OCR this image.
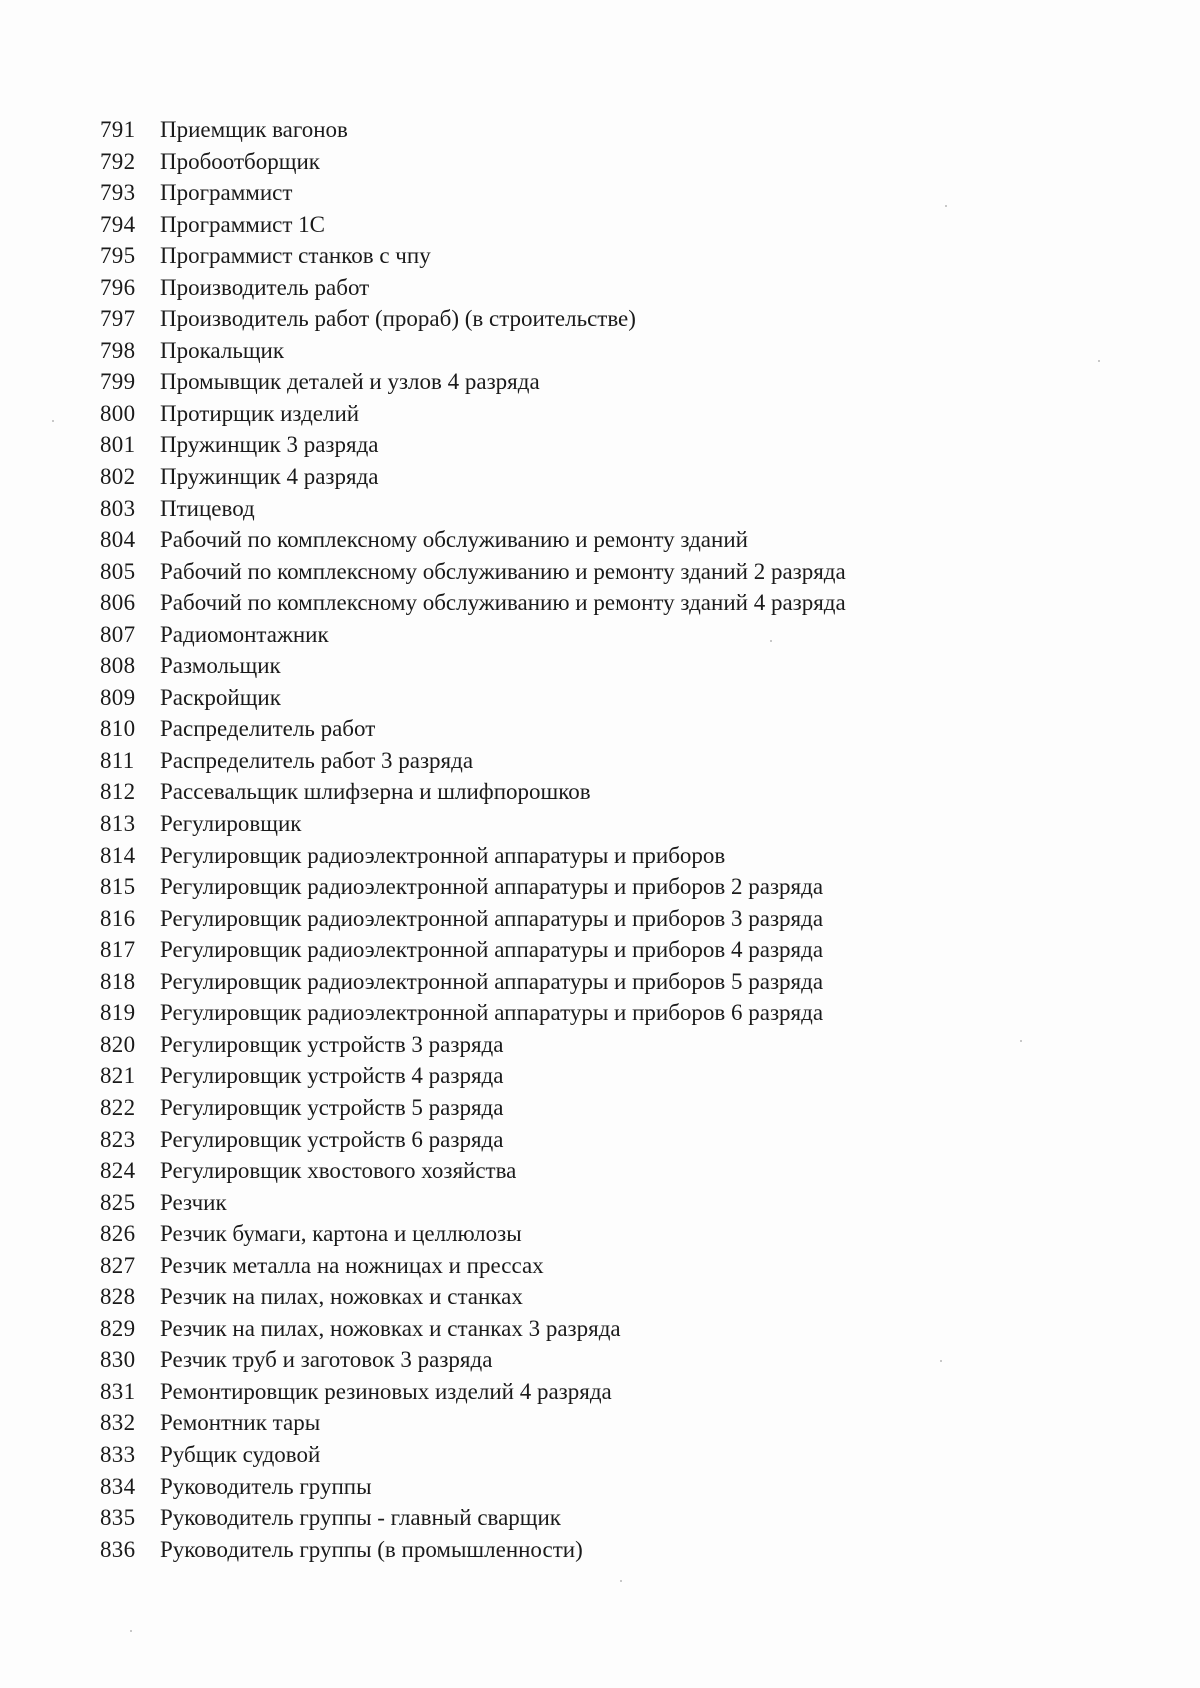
791	Приемщик вагонов
792	Пробоотборщик
793	Программист
794	Программист 1С
795	Программист станков с чпу
796	Производитель работ
797	Производитель работ (прораб) (в строительстве)
798	Прокальщик
799	Промывщик деталей и узлов 4 разряда
800	Протирщик изделий
801	Пружинщик 3 разряда
802	Пружинщик 4 разряда
803	Птицевод
804	Рабочий по комплексному обслуживанию и ремонту зданий
805	Рабочий по комплексному обслуживанию и ремонту зданий 2 разряда
806	Рабочий по комплексному обслуживанию и ремонту зданий 4 разряда
807	Радиомонтажник
808	Размольщик
809	Раскройщик
810	Распределитель работ
811	Распределитель работ 3 разряда
812	Рассевальщик шлифзерна и шлифпорошков
813	Регулировщик
814	Регулировщик радиоэлектронной аппаратуры и приборов
815	Регулировщик радиоэлектронной аппаратуры и приборов 2 разряда
816	Регулировщик радиоэлектронной аппаратуры и приборов 3 разряда
817	Регулировщик радиоэлектронной аппаратуры и приборов 4 разряда
818	Регулировщик радиоэлектронной аппаратуры и приборов 5 разряда
819	Регулировщик радиоэлектронной аппаратуры и приборов 6 разряда
820	Регулировщик устройств 3 разряда
821	Регулировщик устройств 4 разряда
822	Регулировщик устройств 5 разряда
823	Регулировщик устройств 6 разряда
824	Регулировщик хвостового хозяйства
825	Резчик
826	Резчик бумаги, картона и целлюлозы
827	Резчик металла на ножницах и прессах
828	Резчик на пилах, ножовках и станках
829	Резчик на пилах, ножовках и станках 3 разряда
830	Резчик труб и заготовок 3 разряда
831	Ремонтировщик резиновых изделий 4 разряда
832	Ремонтник тары
833	Рубщик судовой
834	Руководитель группы
835	Руководитель группы - главный сварщик
836	Руководитель группы (в промышленности)
